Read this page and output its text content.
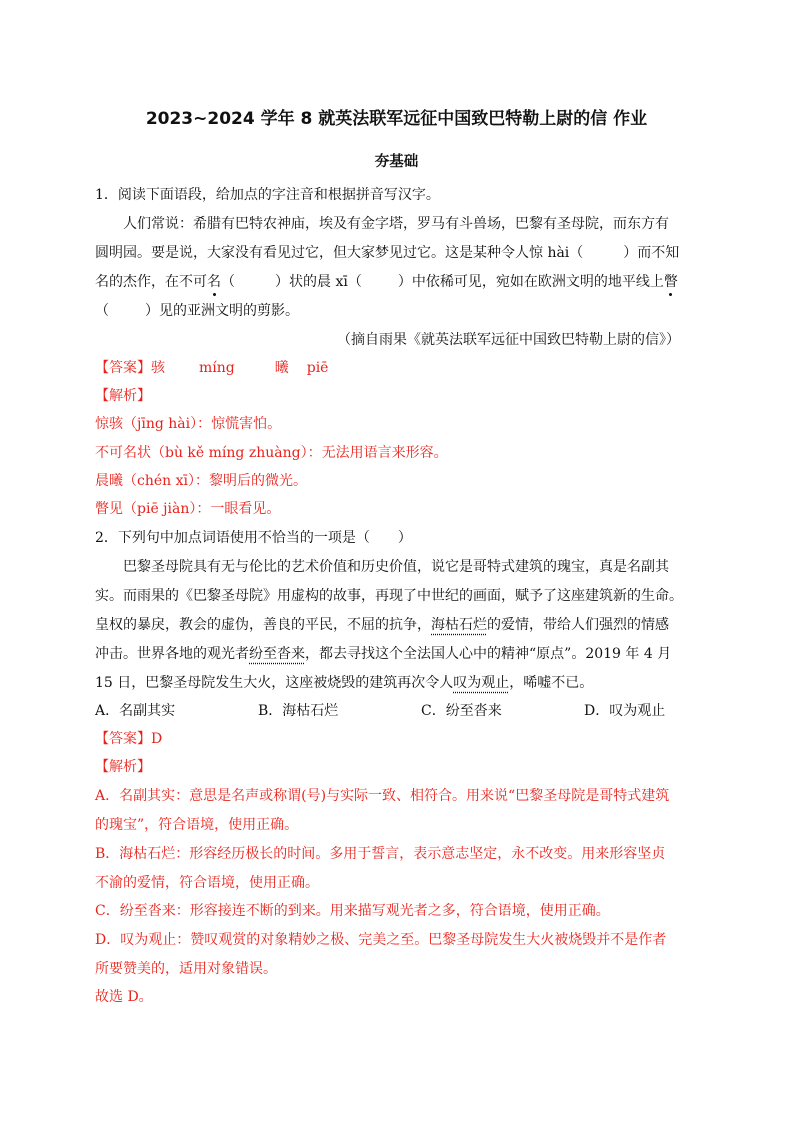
2023~2024 学年 8 就英法联军远征中国致巴特勒上尉的信 作业
夯基础
1．阅读下面语段，给加点的字注音和根据拼音写汉字。
人们常说：希腊有巴特农神庙，埃及有金字塔，罗马有斗兽场，巴黎有圣母院，而东方有
圆明园。要是说，大家没有看见过它，但大家梦见过它。这是某种令人惊 hài（	）而不知
名的杰作，在不可名（	）状的晨 xī（	）中依稀可见，宛如在欧洲文明的地平线上瞥
（	）见的亚洲文明的剪影。
（摘自雨果《就英法联军远征中国致巴特勒上尉的信》）
【答案】骇 míng	曦 piē
【解析】
惊骇（jīng hài）：惊慌害怕。
不可名状（bù kě míng zhuàng）：无法用语言来形容。
晨曦（chén xī）：黎明后的微光。
瞥见（piē jiàn）：一眼看见。
2．下列句中加点词语使用不恰当的一项是（ ）
巴黎圣母院具有无与伦比的艺术价值和历史价值，说它是哥特式建筑的瑰宝，真是名副其
实。而雨果的《巴黎圣母院》用虚构的故事，再现了中世纪的画面，赋予了这座建筑新的生命。
皇权的暴戾，教会的虚伪，善良的平民，不屈的抗争，海枯石烂的爱情，带给人们强烈的情感
冲击。世界各地的观光者纷至沓来，都去寻找这个全法国人心中的精神“原点”。2019 年 4 月
15 日，巴黎圣母院发生大火，这座被烧毁的建筑再次令人叹为观止，唏嘘不已。
A．名副其实	B．海枯石烂	C．纷至沓来	D．叹为观止
【答案】D
【解析】
A．名副其实：意思是名声或称谓(号)与实际一致、相符合。用来说“巴黎圣母院是哥特式建筑
的瑰宝”，符合语境，使用正确。
B．海枯石烂：形容经历极长的时间。多用于誓言，表示意志坚定，永不改变。用来形容坚贞
不渝的爱情，符合语境，使用正确。
C．纷至沓来：形容接连不断的到来。用来描写观光者之多，符合语境，使用正确。
D．叹为观止：赞叹观赏的对象精妙之极、完美之至。巴黎圣母院发生大火被烧毁并不是作者
所要赞美的，适用对象错误。
故选 D。
